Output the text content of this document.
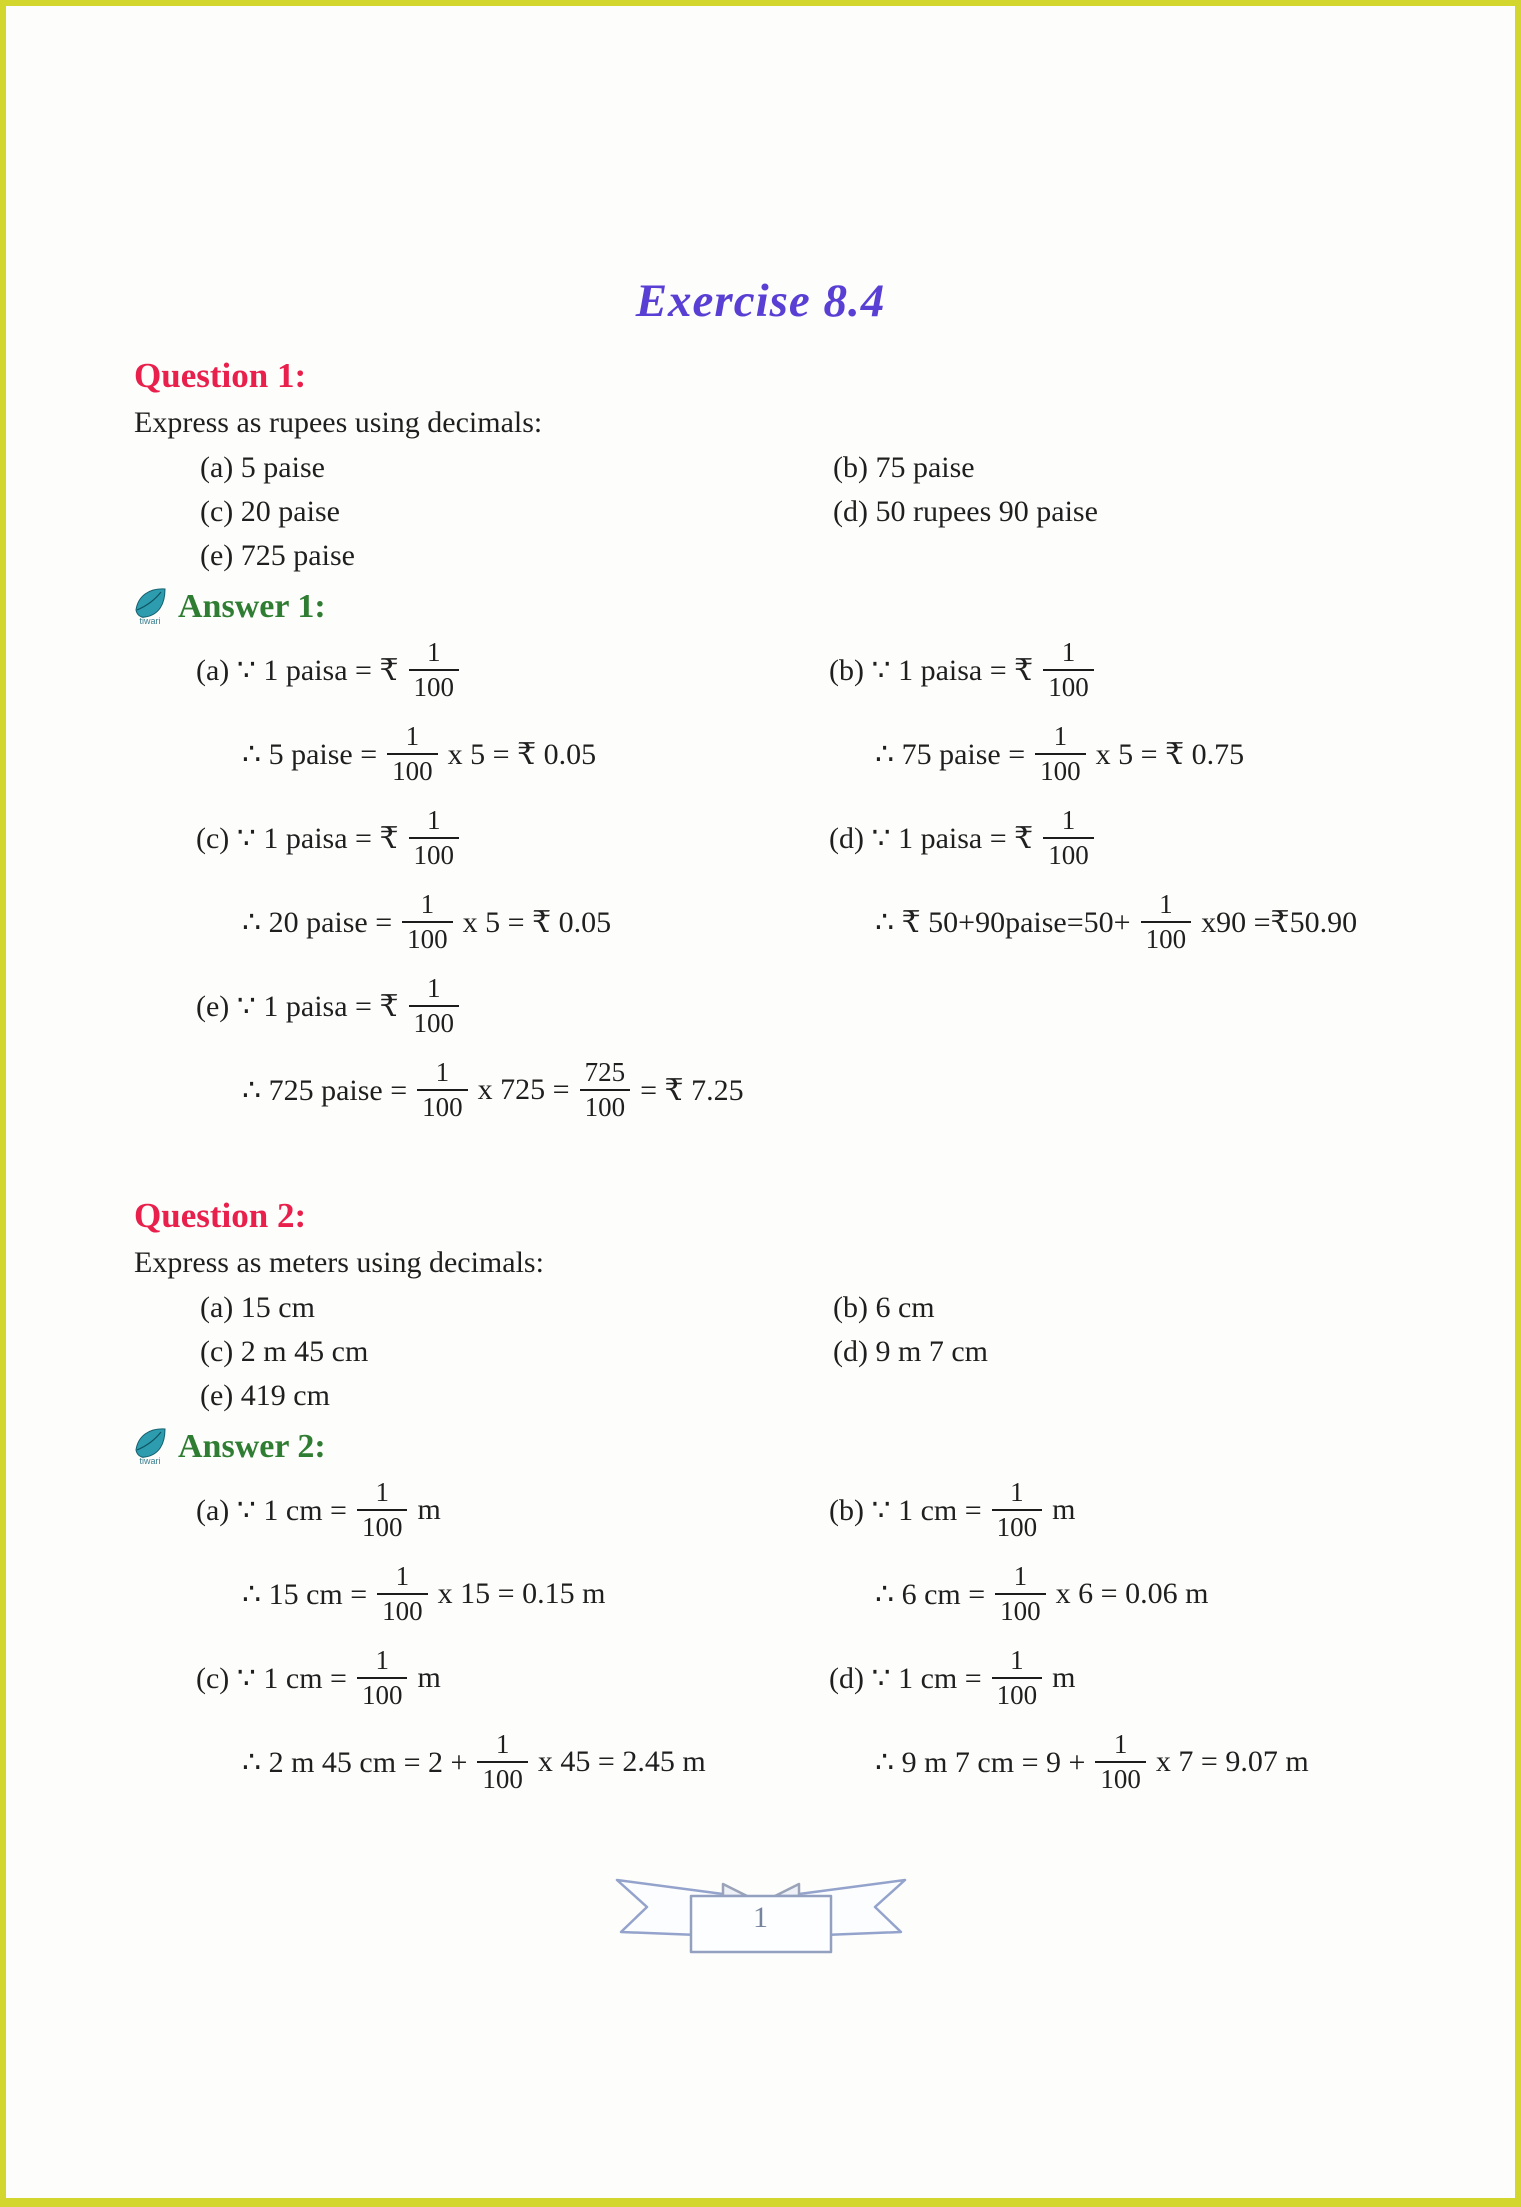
Exercise 8.4
Question 1:

Express as rupees using decimals:

(a) 5 paise	(b) 75 paise
(c) 20 paise	(d) 50 rupees 90 paise
(e) 725 paise
tiwari Answer 1:
(a) ∵ 1 paisa = ₹ $\frac{1}{100}$
∴ 5 paise = $\frac{1}{100}$ x 5 = ₹ 0.05
(b) ∵ 1 paisa = ₹ $\frac{1}{100}$
∴ 75 paise = $\frac{1}{100}$ x 5 = ₹ 0.75
(c) ∵ 1 paisa = ₹ $\frac{1}{100}$
∴ 20 paise = $\frac{1}{100}$ x 5 = ₹ 0.05
(d) ∵ 1 paisa = ₹ $\frac{1}{100}$
∴ ₹ 50+90paise=50+ $\frac{1}{100} x90$ =₹50.90
(e) ∵ 1 paisa = ₹ $\frac{1}{100}$
∴ 725 paise = $\frac{1}{100}$ x $725 = \frac{725}{100}$ = ₹ 7.25
Question 2:

Express as meters using decimals:

(a) 15 cm	(b) 6 cm
(c) 2 m 45 cm	(d) 9 m 7 cm
(e) 419 cm
tiwari Answer 2:
(a) ∵ 1 cm = $\frac{1}{100}$ m
∴ 15 cm = $\frac{1}{100}$ x 15 = 0.15 m
(b) ∵ 1 cm = $\frac{1}{100}$ m
∴ 6 cm = $\frac{1}{100}$ x 6 = 0.06 m
(c) ∵ 1 cm = $\frac{1}{100}$ m
∴ 2 m 45 cm = $2 + \frac{1}{100}$ x 45 = 2.45 m
(d) ∵ 1 cm = $\frac{1}{100}$ m
∴ 9 m 7 cm = $9 + \frac{1}{100}$ x 7 = 9.07 m
1
